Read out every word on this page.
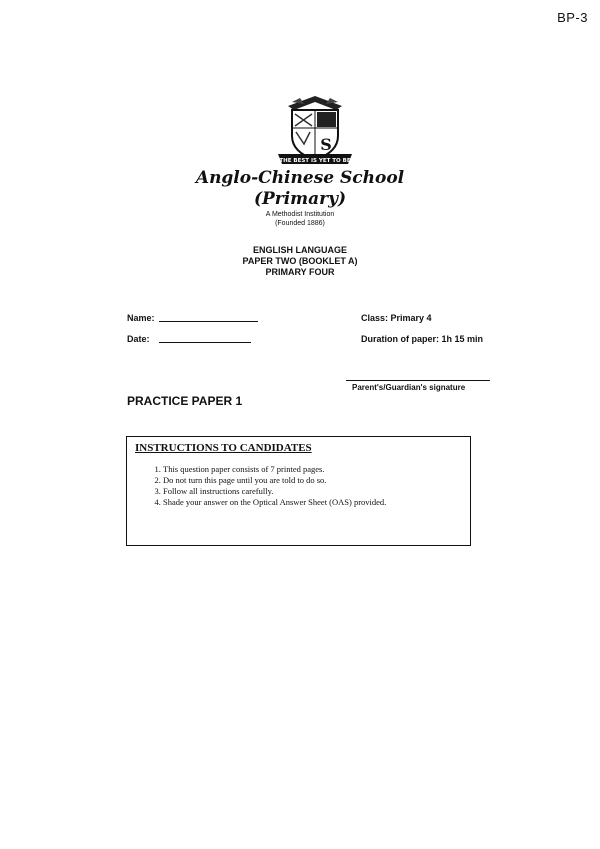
BP-3
S
THE BEST IS YET TO BE
Anglo-Chinese School
(Primary)
A Methodist Institution
(Founded 1886)
ENGLISH LANGUAGE
PAPER TWO (BOOKLET A)
PRIMARY FOUR
Name:
Date:
Class: Primary 4
Duration of paper: 1h 15 min
Parent's/Guardian's signature
PRACTICE PAPER 1
INSTRUCTIONS TO CANDIDATES
1. This question paper consists of 7 printed pages.
2. Do not turn this page until you are told to do so.
3. Follow all instructions carefully.
4. Shade your answer on the Optical Answer Sheet (OAS) provided.
